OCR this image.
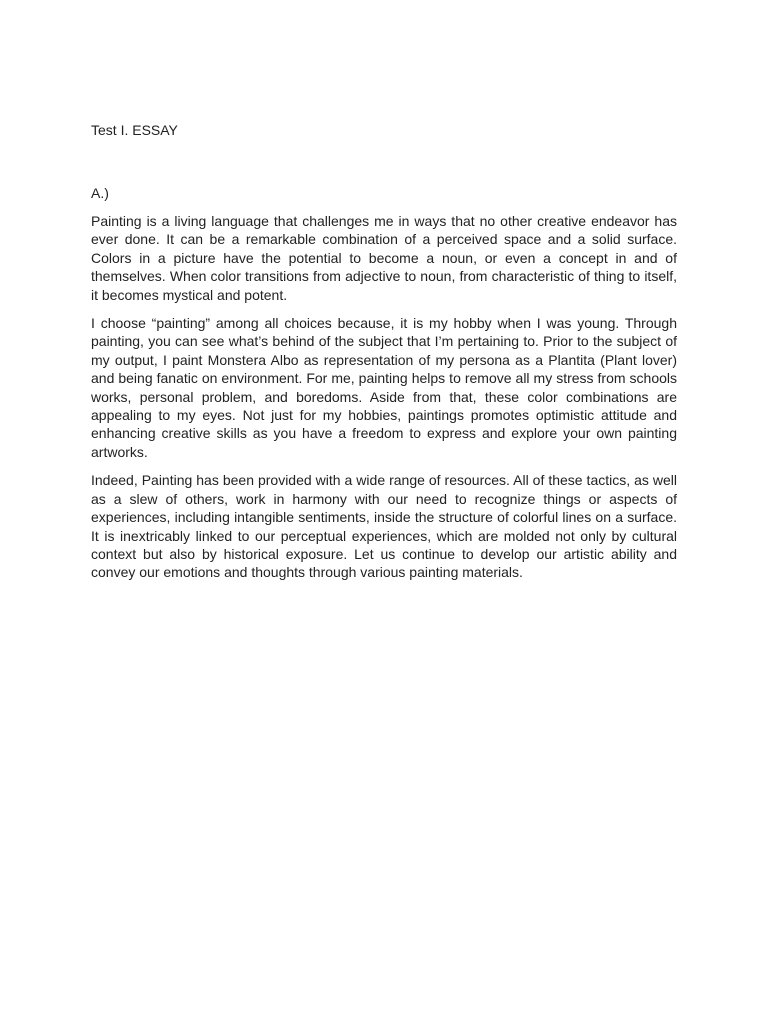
Test I. ESSAY

A.)

Painting is a living language that challenges me in ways that no other creative endeavor has ever done. It can be a remarkable combination of a perceived space and a solid surface. Colors in a picture have the potential to become a noun, or even a concept in and of themselves. When color transitions from adjective to noun, from characteristic of thing to itself, it becomes mystical and potent.

I choose “painting” among all choices because, it is my hobby when I was young. Through painting, you can see what’s behind of the subject that I’m pertaining to. Prior to the subject of my output, I paint Monstera Albo as representation of my persona as a Plantita (Plant lover) and being fanatic on environment. For me, painting helps to remove all my stress from schools works, personal problem, and boredoms. Aside from that, these color combinations are appealing to my eyes. Not just for my hobbies, paintings promotes optimistic attitude and enhancing creative skills as you have a freedom to express and explore your own painting artworks.

Indeed, Painting has been provided with a wide range of resources. All of these tactics, as well as a slew of others, work in harmony with our need to recognize things or aspects of experiences, including intangible sentiments, inside the structure of colorful lines on a surface. It is inextricably linked to our perceptual experiences, which are molded not only by cultural context but also by historical exposure. Let us continue to develop our artistic ability and convey our emotions and thoughts through various painting materials.
